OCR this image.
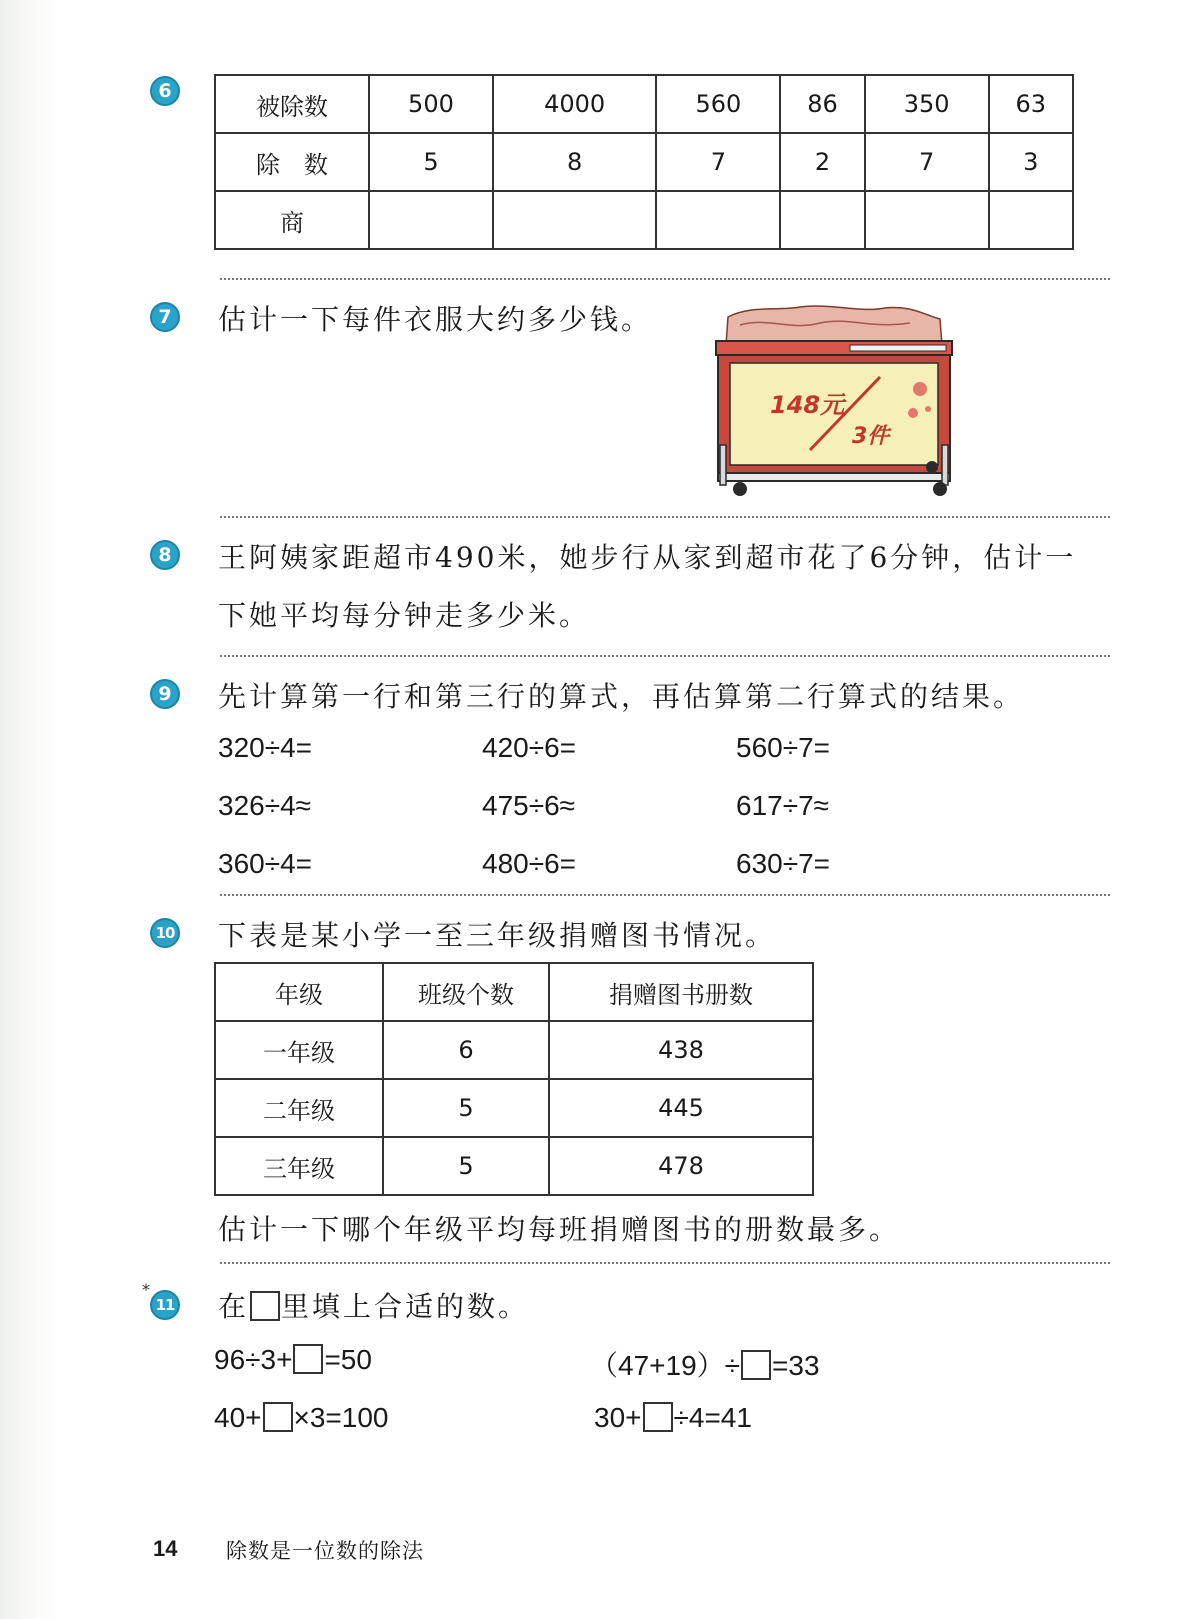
6
被除数	500	4000	560	86	350	63
除　数	5	8	7	2	7	3
商						
7 估计一下每件衣服大约多少钱。
148元
3件
8 王阿姨家距超市490米，她步行从家到超市花了6分钟，估计一
下她平均每分钟走多少米。
9 先计算第一行和第三行的算式，再估算第二行算式的结果。
320÷4=	420÷6=	560÷7=
326÷4≈	475÷6≈	617÷7≈
360÷4=	480÷6=	630÷7=
10 下表是某小学一至三年级捐赠图书情况。
年级	班级个数	捐赠图书册数
一年级	6	438
二年级	5	445
三年级	5	478
估计一下哪个年级平均每班捐赠图书的册数最多。
*
11 在 里填上合适的数。
96÷3+ =50	（47+19）÷ =33
40+ ×3=100	30+ ÷4=41
14 除数是一位数的除法
